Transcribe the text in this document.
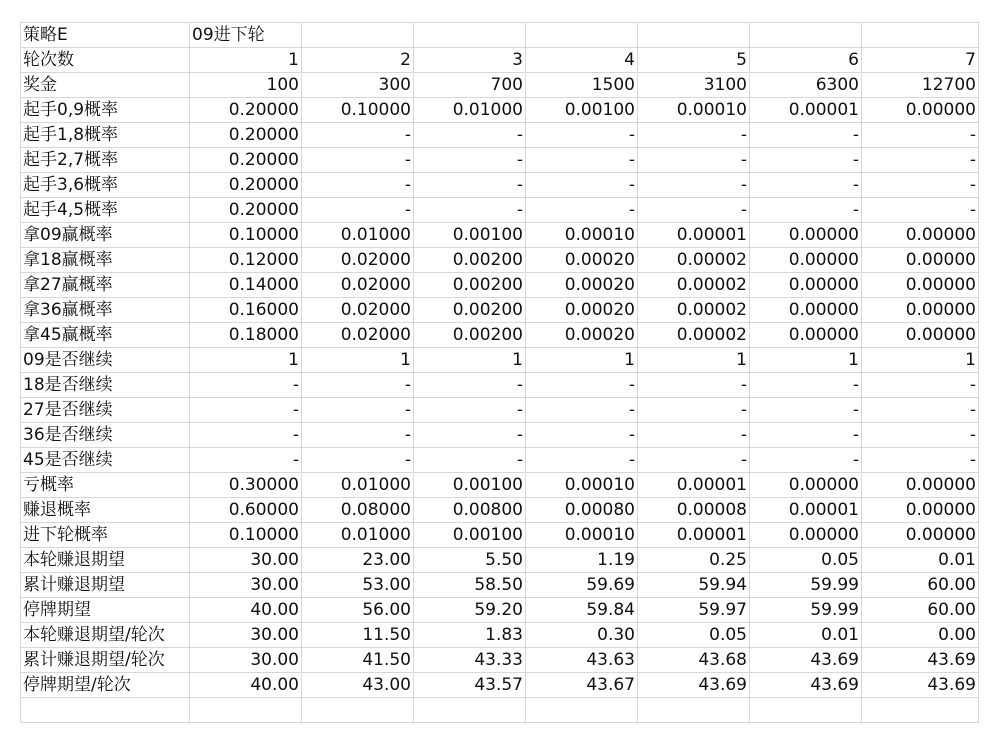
策略E	09进下轮						
轮次数	1	2	3	4	5	6	7
奖金	100	300	700	1500	3100	6300	12700
起手0,9概率	0.20000	0.10000	0.01000	0.00100	0.00010	0.00001	0.00000
起手1,8概率	0.20000	-	-	-	-	-	-
起手2,7概率	0.20000	-	-	-	-	-	-
起手3,6概率	0.20000	-	-	-	-	-	-
起手4,5概率	0.20000	-	-	-	-	-	-
拿09赢概率	0.10000	0.01000	0.00100	0.00010	0.00001	0.00000	0.00000
拿18赢概率	0.12000	0.02000	0.00200	0.00020	0.00002	0.00000	0.00000
拿27赢概率	0.14000	0.02000	0.00200	0.00020	0.00002	0.00000	0.00000
拿36赢概率	0.16000	0.02000	0.00200	0.00020	0.00002	0.00000	0.00000
拿45赢概率	0.18000	0.02000	0.00200	0.00020	0.00002	0.00000	0.00000
09是否继续	1	1	1	1	1	1	1
18是否继续	-	-	-	-	-	-	-
27是否继续	-	-	-	-	-	-	-
36是否继续	-	-	-	-	-	-	-
45是否继续	-	-	-	-	-	-	-
亏概率	0.30000	0.01000	0.00100	0.00010	0.00001	0.00000	0.00000
赚退概率	0.60000	0.08000	0.00800	0.00080	0.00008	0.00001	0.00000
进下轮概率	0.10000	0.01000	0.00100	0.00010	0.00001	0.00000	0.00000
本轮赚退期望	30.00	23.00	5.50	1.19	0.25	0.05	0.01
累计赚退期望	30.00	53.00	58.50	59.69	59.94	59.99	60.00
停牌期望	40.00	56.00	59.20	59.84	59.97	59.99	60.00
本轮赚退期望/轮次	30.00	11.50	1.83	0.30	0.05	0.01	0.00
累计赚退期望/轮次	30.00	41.50	43.33	43.63	43.68	43.69	43.69
停牌期望/轮次	40.00	43.00	43.57	43.67	43.69	43.69	43.69
